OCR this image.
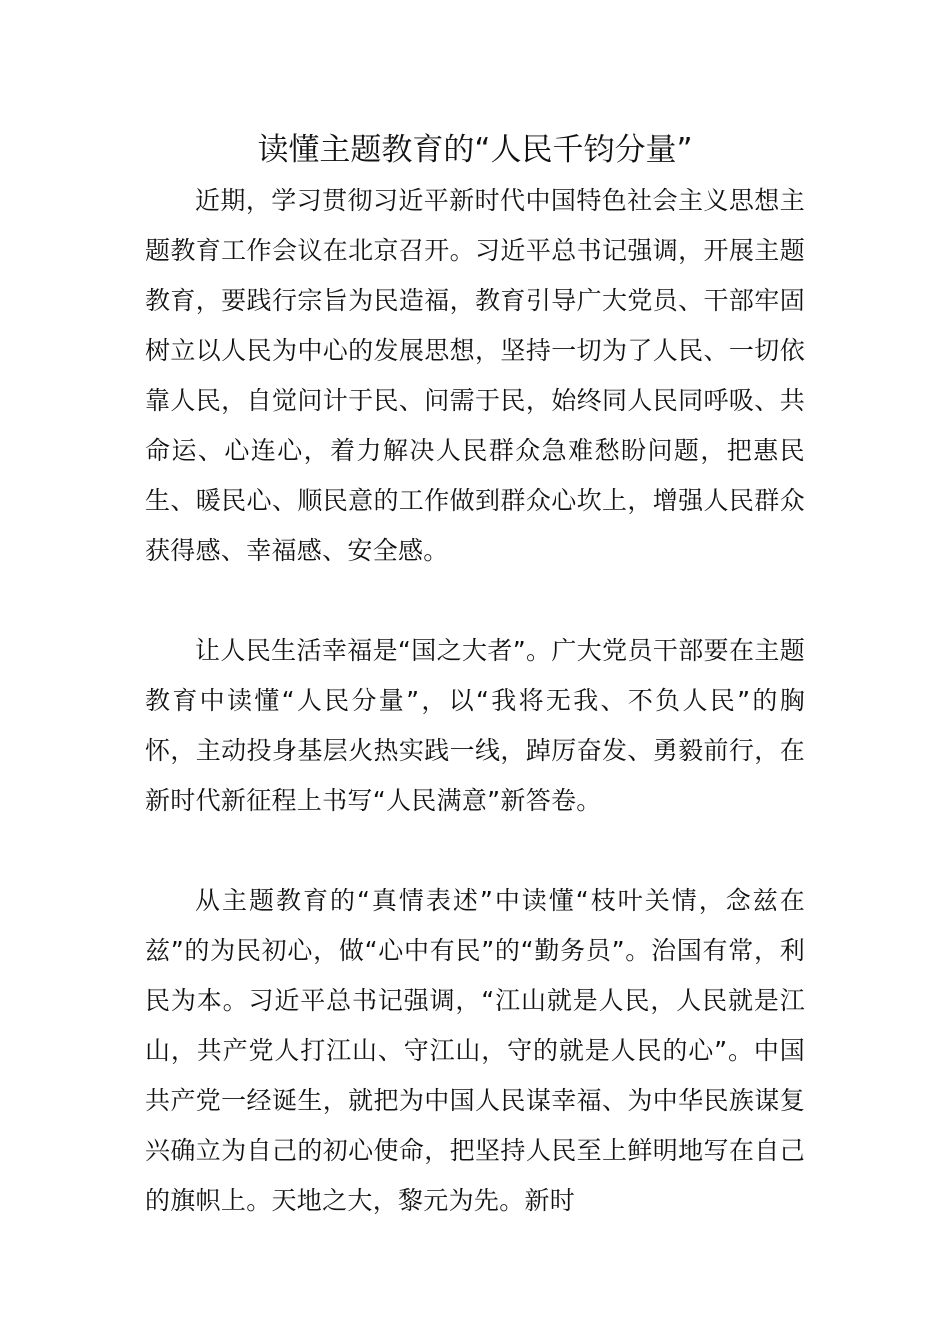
读懂主题教育的“人民千钧分量”

近期，学习贯彻习近平新时代中国特色社会主义思想主题教育工作会议在北京召开。习近平总书记强调，开展主题教育，要践行宗旨为民造福，教育引导广大党员、干部牢固树立以人民为中心的发展思想，坚持一切为了人民、一切依靠人民，自觉问计于民、问需于民，始终同人民同呼吸、共命运、心连心，着力解决人民群众急难愁盼问题，把惠民生、暖民心、顺民意的工作做到群众心坎上，增强人民群众获得感、幸福感、安全感。

让人民生活幸福是“国之大者”。广大党员干部要在主题教育中读懂“人民分量”，以“我将无我、不负人民”的胸怀，主动投身基层火热实践一线，踔厉奋发、勇毅前行，在新时代新征程上书写“人民满意”新答卷。

从主题教育的“真情表述”中读懂“枝叶关情，念兹在兹”的为民初心，做“心中有民”的“勤务员”。治国有常，利民为本。习近平总书记强调，“江山就是人民，人民就是江山，共产党人打江山、守江山，守的就是人民的心”。中国共产党一经诞生，就把为中国人民谋幸福、为中华民族谋复兴确立为自己的初心使命，把坚持人民至上鲜明地写在自己的旗帜上。天地之大，黎元为先。新时
